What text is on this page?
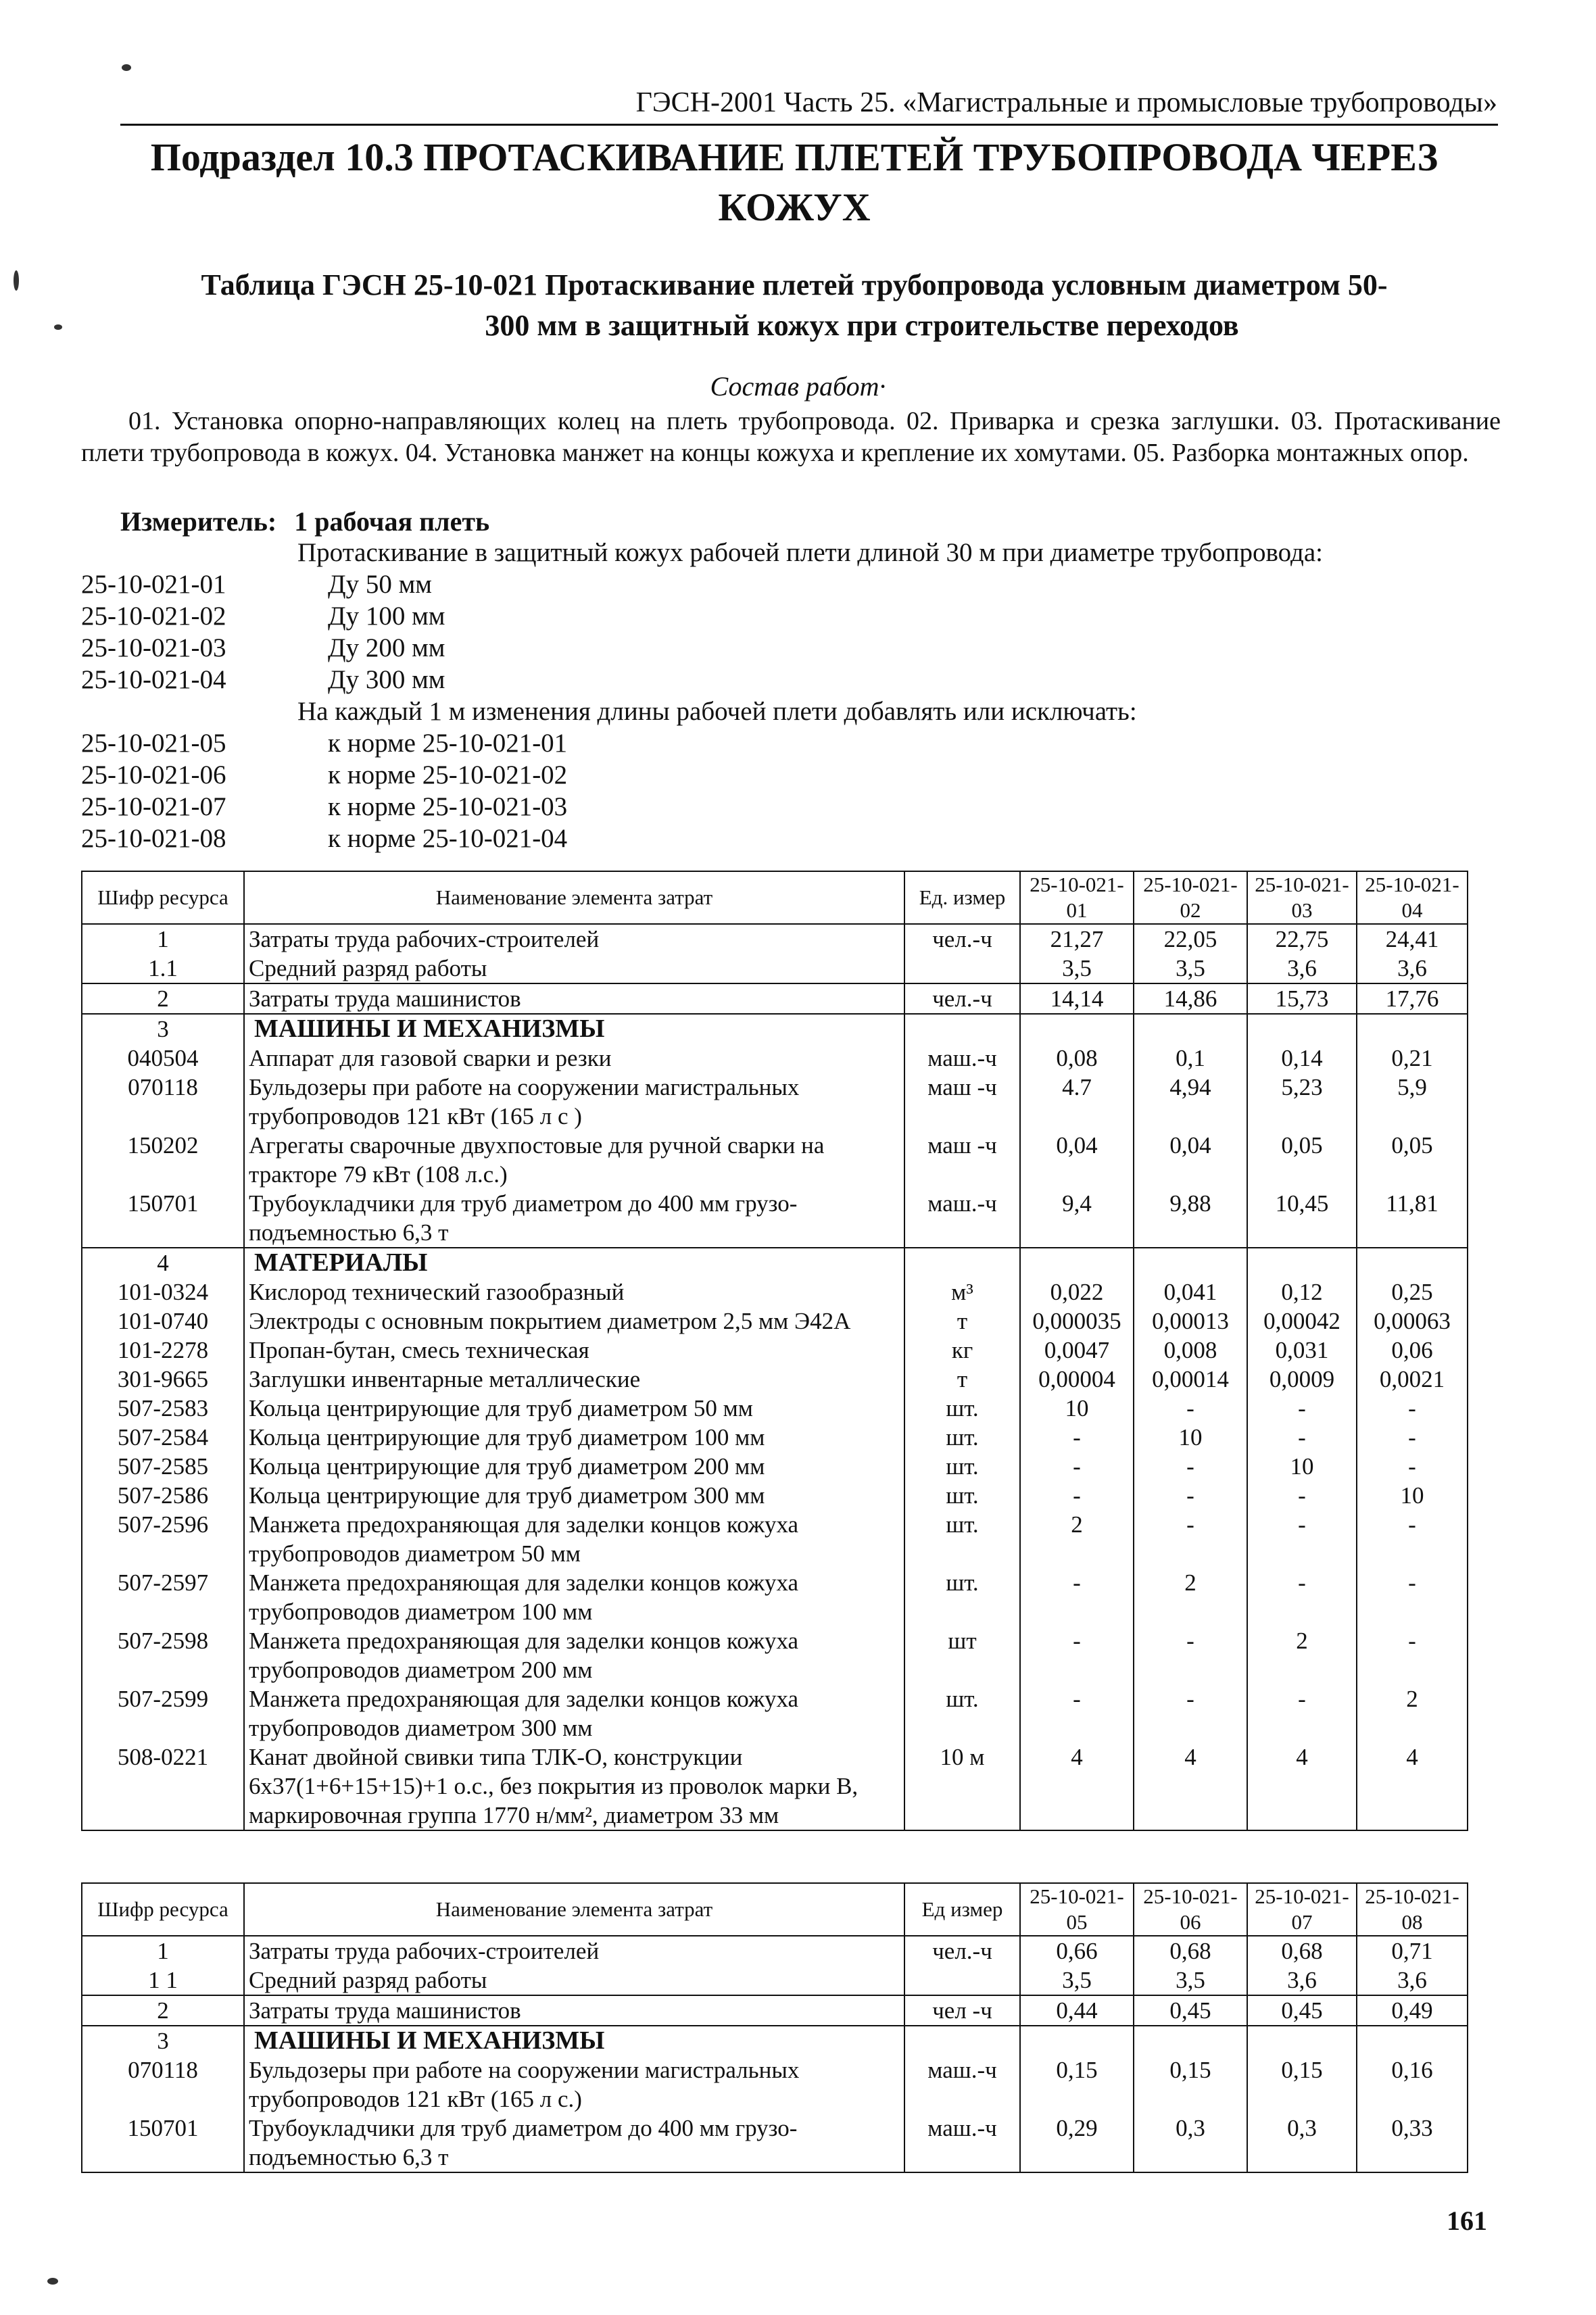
ГЭСН-2001 Часть 25. «Магистральные и промысловые трубопроводы»
Подраздел 10.3 ПРОТАСКИВАНИЕ ПЛЕТЕЙ ТРУБОПРОВОДА ЧЕРЕЗ
КОЖУХ
Таблица ГЭСН 25-10-021 Протаскивание плетей трубопровода условным диаметром 50-
300 мм в защитный кожух при строительстве переходов
Состав работ·
01. Установка опорно-направляющих колец на плеть трубопровода. 02. Приварка и срезка заглушки. 03. Протаскивание плети трубопровода в кожух. 04. Установка манжет на концы кожуха и крепление их хомутами. 05. Разборка монтажных опор.
Измеритель: 1 рабочая плеть
Протаскивание в защитный кожух рабочей плети длиной 30 м при диаметре трубопровода:
25-10-021-01	Ду 50 мм
25-10-021-02	Ду 100 мм
25-10-021-03	Ду 200 мм
25-10-021-04	Ду 300 мм
На каждый 1 м изменения длины рабочей плети добавлять или исключать:
25-10-021-05	к норме 25-10-021-01
25-10-021-06	к норме 25-10-021-02
25-10-021-07	к норме 25-10-021-03
25-10-021-08	к норме 25-10-021-04
Шифр ресурса	Наименование элемента затрат	Ед. измер	25-10-021-01	25-10-021-02	25-10-021-03	25-10-021-04
1	Затраты труда рабочих-строителей	чел.-ч	21,27	22,05	22,75	24,41
1.1	Средний разряд работы		3,5	3,5	3,6	3,6
2	Затраты труда машинистов	чел.-ч	14,14	14,86	15,73	17,76
3	МАШИНЫ И МЕХАНИЗМЫ					
040504	Аппарат для газовой сварки и резки	маш.-ч	0,08	0,1	0,14	0,21
070118	Бульдозеры при работе на сооружении магистральных трубопроводов 121 кВт (165 л с )	маш -ч	4.7	4,94	5,23	5,9
150202	Агрегаты сварочные двухпостовые для ручной сварки на тракторе 79 кВт (108 л.с.)	маш -ч	0,04	0,04	0,05	0,05
150701	Трубоукладчики для труб диаметром до 400 мм грузо-подъемностью 6,3 т	маш.-ч	9,4	9,88	10,45	11,81
4	МАТЕРИАЛЫ					
101-0324	Кислород технический газообразный	м³	0,022	0,041	0,12	0,25
101-0740	Электроды с основным покрытием диаметром 2,5 мм Э42А	т	0,000035	0,00013	0,00042	0,00063
101-2278	Пропан-бутан, смесь техническая	кг	0,0047	0,008	0,031	0,06
301-9665	Заглушки инвентарные металлические	т	0,00004	0,00014	0,0009	0,0021
507-2583	Кольца центрирующие для труб диаметром 50 мм	шт.	10	-	-	-
507-2584	Кольца центрирующие для труб диаметром 100 мм	шт.	-	10	-	-
507-2585	Кольца центрирующие для труб диаметром 200 мм	шт.	-	-	10	-
507-2586	Кольца центрирующие для труб диаметром 300 мм	шт.	-	-	-	10
507-2596	Манжета предохраняющая для заделки концов кожуха трубопроводов диаметром 50 мм	шт.	2	-	-	-
507-2597	Манжета предохраняющая для заделки концов кожуха трубопроводов диаметром 100 мм	шт.	-	2	-	-
507-2598	Манжета предохраняющая для заделки концов кожуха трубопроводов диаметром 200 мм	шт	-	-	2	-
507-2599	Манжета предохраняющая для заделки концов кожуха трубопроводов диаметром 300 мм	шт.	-	-	-	2
508-0221	Канат двойной свивки типа ТЛК-О, конструкции 6х37(1+6+15+15)+1 о.с., без покрытия из проволок марки В, маркировочная группа 1770 н/мм², диаметром 33 мм	10 м	4	4	4	4
Шифр ресурса	Наименование элемента затрат	Ед измер	25-10-021-05	25-10-021-06	25-10-021-07	25-10-021-08
1	Затраты труда рабочих-строителей	чел.-ч	0,66	0,68	0,68	0,71
1 1	Средний разряд работы		3,5	3,5	3,6	3,6
2	Затраты труда машинистов	чел -ч	0,44	0,45	0,45	0,49
3	МАШИНЫ И МЕХАНИЗМЫ					
070118	Бульдозеры при работе на сооружении магистральных трубопроводов 121 кВт (165 л с.)	маш.-ч	0,15	0,15	0,15	0,16
150701	Трубоукладчики для труб диаметром до 400 мм грузо-подъемностью 6,3 т	маш.-ч	0,29	0,3	0,3	0,33
161
